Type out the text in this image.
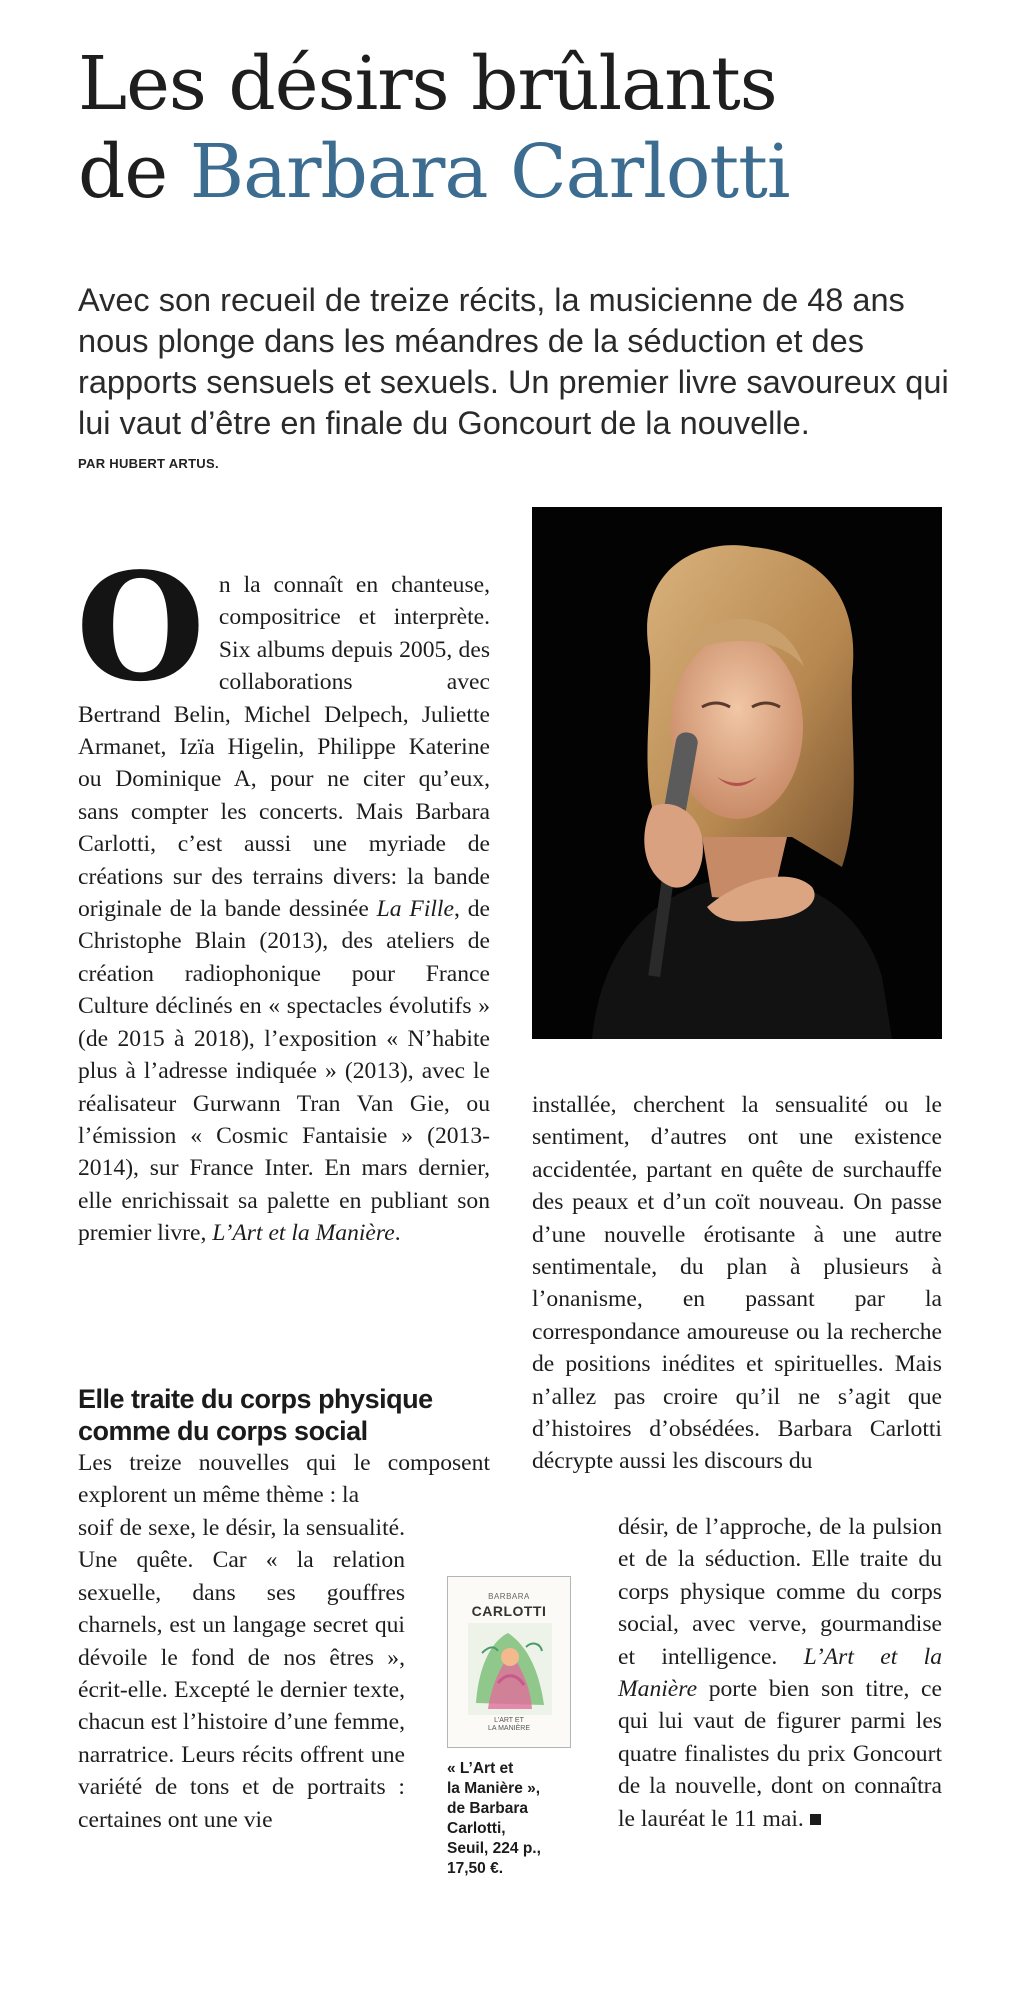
Les désirs brûlants
de Barbara Carlotti

Avec son recueil de treize récits, la musicienne de 48 ans nous plonge dans les méandres de la séduction et des rapports sensuels et sexuels. Un premier livre savoureux qui lui vaut d’être en finale du Goncourt de la nouvelle.

PAR HUBERT ARTUS.

On la connaît en chanteuse, compositrice et interprète. Six albums depuis 2005, des collaborations avec Bertrand Belin, Michel Delpech, Juliette Armanet, Izïa Higelin, Philippe Katerine ou Dominique A, pour ne citer qu’eux, sans compter les concerts. Mais Barbara Carlotti, c’est aussi une myriade de créations sur des terrains divers: la bande originale de la bande dessinée La Fille, de Christophe Blain (2013), des ateliers de création radiophonique pour France Culture déclinés en « spectacles évolutifs » (de 2015 à 2018), l’exposition « N’habite plus à l’adresse indiquée » (2013), avec le réalisateur Gurwann Tran Van Gie, ou l’émission « Cosmic Fantaisie » (2013-2014), sur France Inter. En mars dernier, elle enrichissait sa palette en publiant son premier livre, L’Art et la Manière.

Elle traite du corps physique comme du corps social

Les treize nouvelles qui le composent explorent un même thème : la

soif de sexe, le désir, la sensualité. Une quête. Car « la relation sexuelle, dans ses gouffres charnels, est un langage secret qui dévoile le fond de nos êtres », écrit-elle. Excepté le dernier texte, chacun est l’histoire d’une femme, narratrice. Leurs récits offrent une variété de tons et de portraits : certaines ont une vie

installée, cherchent la sensualité ou le sentiment, d’autres ont une existence accidentée, partant en quête de surchauffe des peaux et d’un coït nouveau. On passe d’une nouvelle érotisante à une autre sentimentale, du plan à plusieurs à l’onanisme, en passant par la correspondance amoureuse ou la recherche de positions inédites et spirituelles. Mais n’allez pas croire qu’il ne s’agit que d’histoires d’obsédées. Barbara Carlotti décrypte aussi les discours du

désir, de l’approche, de la pulsion et de la séduction. Elle traite du corps physique comme du corps social, avec verve, gourmandise et intelligence. L’Art et la Manière porte bien son titre, ce qui lui vaut de figurer parmi les quatre finalistes du prix Goncourt de la nouvelle, dont on connaîtra le lauréat le 11 mai.

BARBARA
CARLOTTI
L’ART ET
LA MANIÈRE

« L’Art et
la Manière »,
de Barbara
Carlotti,
Seuil, 224 p.,
17,50 €.
